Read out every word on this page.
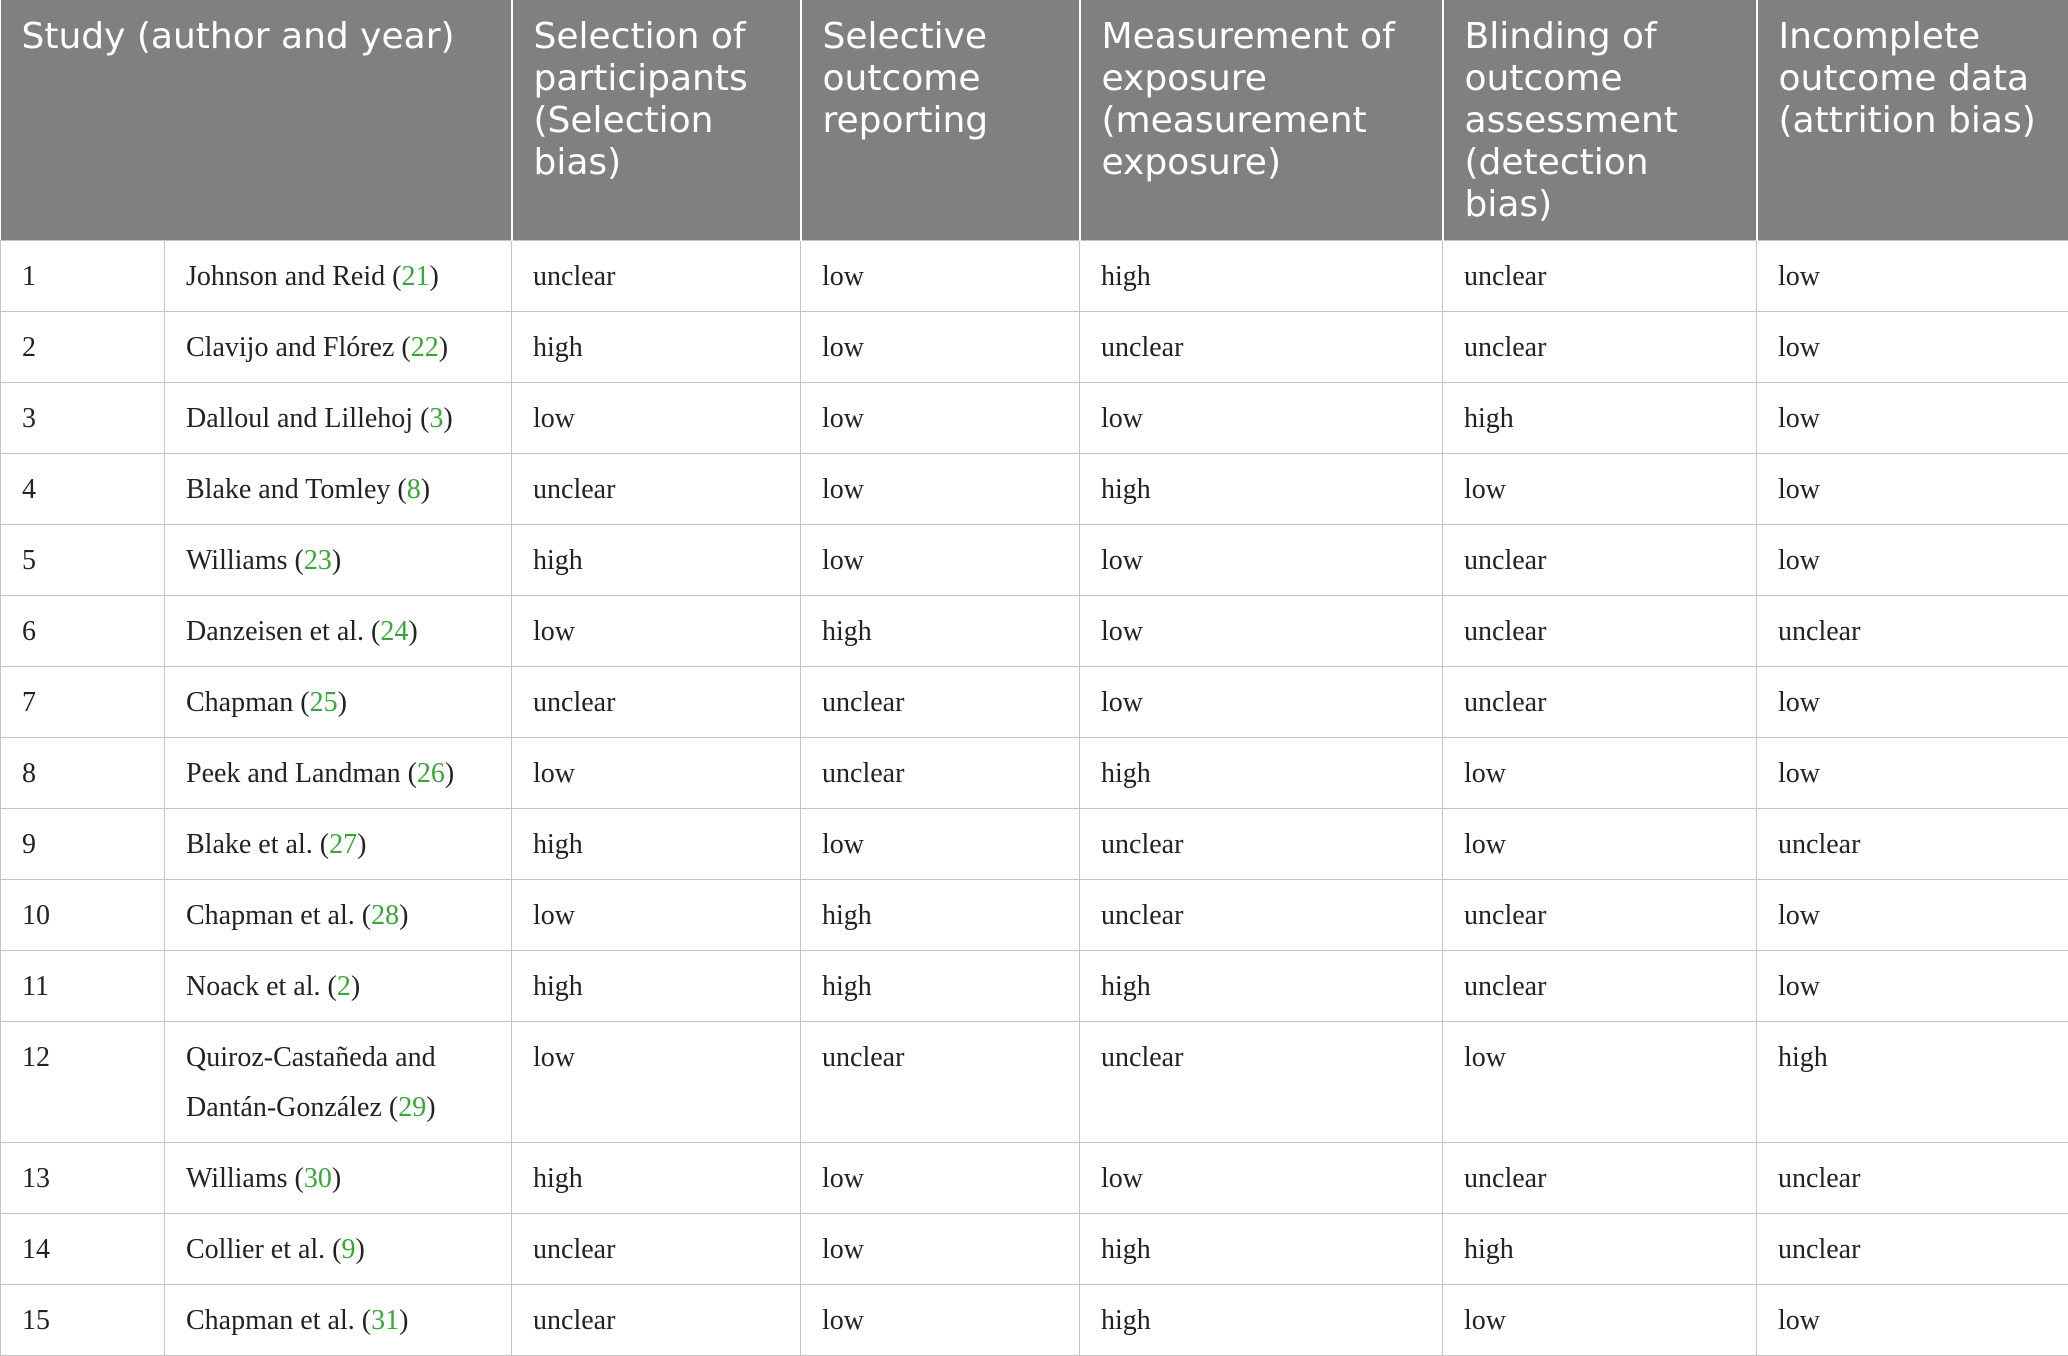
Study (author and year)		Selection of participants (Selection bias)	Selective outcome reporting	Measurement of exposure (measurement exposure)	Blinding of outcome assessment (detection bias)	Incomplete outcome data (attrition bias)
1	Johnson and Reid (21)	unclear	low	high	unclear	low
2	Clavijo and Flórez (22)	high	low	unclear	unclear	low
3	Dalloul and Lillehoj (3)	low	low	low	high	low
4	Blake and Tomley (8)	unclear	low	high	low	low
5	Williams (23)	high	low	low	unclear	low
6	Danzeisen et al. (24)	low	high	low	unclear	unclear
7	Chapman (25)	unclear	unclear	low	unclear	low
8	Peek and Landman (26)	low	unclear	high	low	low
9	Blake et al. (27)	high	low	unclear	low	unclear
10	Chapman et al. (28)	low	high	unclear	unclear	low
11	Noack et al. (2)	high	high	high	unclear	low
12	Quiroz-Castañeda and Dantán-González (29)	low	unclear	unclear	low	high
13	Williams (30)	high	low	low	unclear	unclear
14	Collier et al. (9)	unclear	low	high	high	unclear
15	Chapman et al. (31)	unclear	low	high	low	low
